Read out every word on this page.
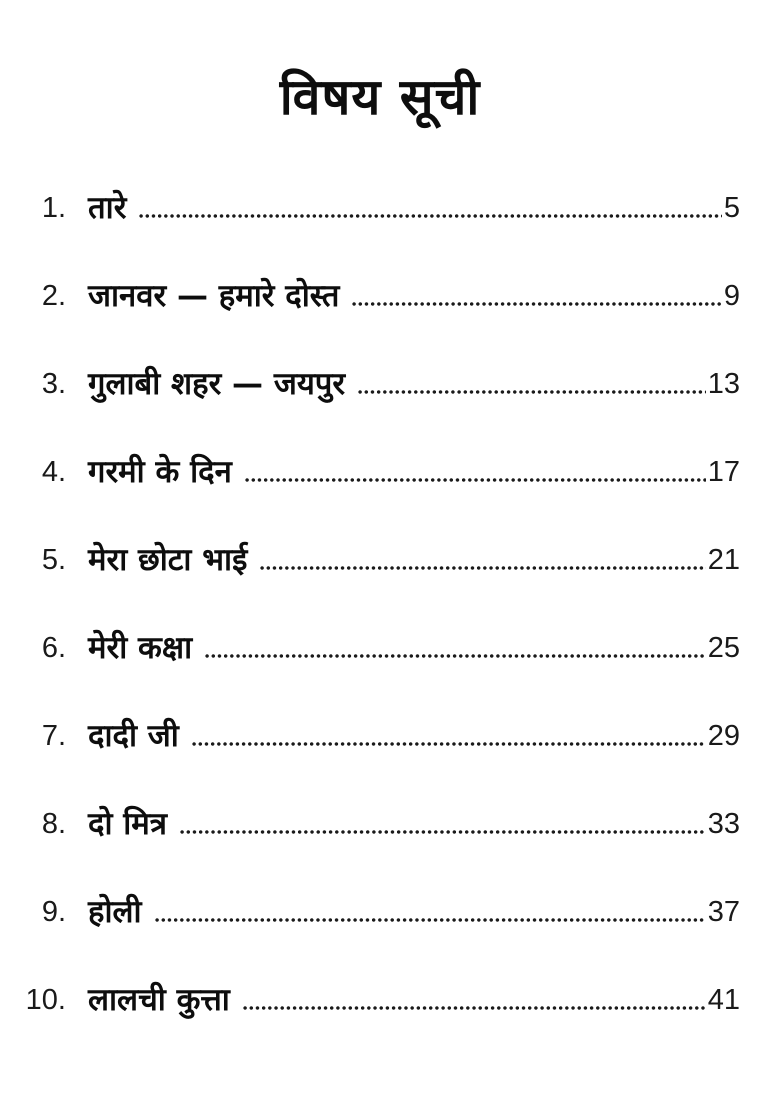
विषय सूची
1. तारे	5
2. जानवर — हमारे दोस्त	9
3. गुलाबी शहर — जयपुर	13
4. गरमी के दिन	17
5. मेरा छोटा भाई	21
6. मेरी कक्षा	25
7. दादी जी	29
8. दो मित्र	33
9. होली	37
10. लालची कुत्ता	41
